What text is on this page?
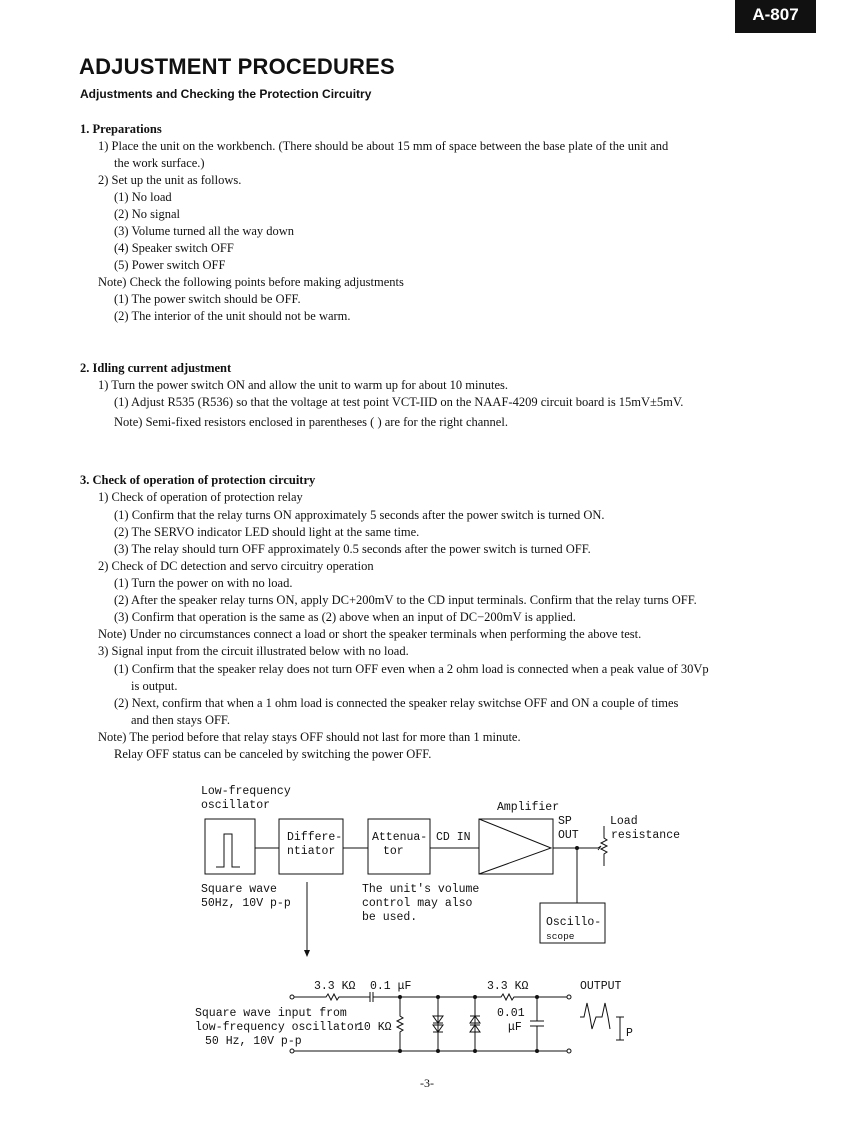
A-807
ADJUSTMENT PROCEDURES
Adjustments and Checking the Protection Circuitry
1. Preparations
1) Place the unit on the workbench. (There should be about 15 mm of space between the base plate of the unit and
the work surface.)
2) Set up the unit as follows.
(1) No load
(2) No signal
(3) Volume turned all the way down
(4) Speaker switch OFF
(5) Power switch OFF
Note) Check the following points before making adjustments
(1) The power switch should be OFF.
(2) The interior of the unit should not be warm.
2. Idling current adjustment
1) Turn the power switch ON and allow the unit to warm up for about 10 minutes.
(1) Adjust R535 (R536) so that the voltage at test point VCT-IID on the NAAF-4209 circuit board is 15mV±5mV.
Note) Semi-fixed resistors enclosed in parentheses ( ) are for the right channel.
3. Check of operation of protection circuitry
1) Check of operation of protection relay
(1) Confirm that the relay turns ON approximately 5 seconds after the power switch is turned ON.
(2) The SERVO indicator LED should light at the same time.
(3) The relay should turn OFF approximately 0.5 seconds after the power switch is turned OFF.
2) Check of DC detection and servo circuitry operation
(1) Turn the power on with no load.
(2) After the speaker relay turns ON, apply DC+200mV to the CD input terminals. Confirm that the relay turns OFF.
(3) Confirm that operation is the same as (2) above when an input of DC−200mV is applied.
Note) Under no circumstances connect a load or short the speaker terminals when performing the above test.
3) Signal input from the circuit illustrated below with no load.
(1) Confirm that the speaker relay does not turn OFF even when a 2 ohm load is connected when a peak value of 30Vp
is output.
(2) Next, confirm that when a 1 ohm load is connected the speaker relay switchse OFF and ON a couple of times
and then stays OFF.
Note) The period before that relay stays OFF should not last for more than 1 minute.
Relay OFF status can be canceled by switching the power OFF.
Low-frequency
oscillator
Differe-
ntiator
Attenua-
tor
CD IN
Amplifier
SP
OUT
Load
resistance
Square wave
50Hz, 10V p-p
The unit's volume
control may also
be used.	Oscillo-
scope
3.3 KΩ 0.1 μF	3.3 KΩ	OUTPUT
Square wave input from
low-frequency oscillator
50 Hz, 10V p-p
10 KΩ
0.01
μF	P
-3-
